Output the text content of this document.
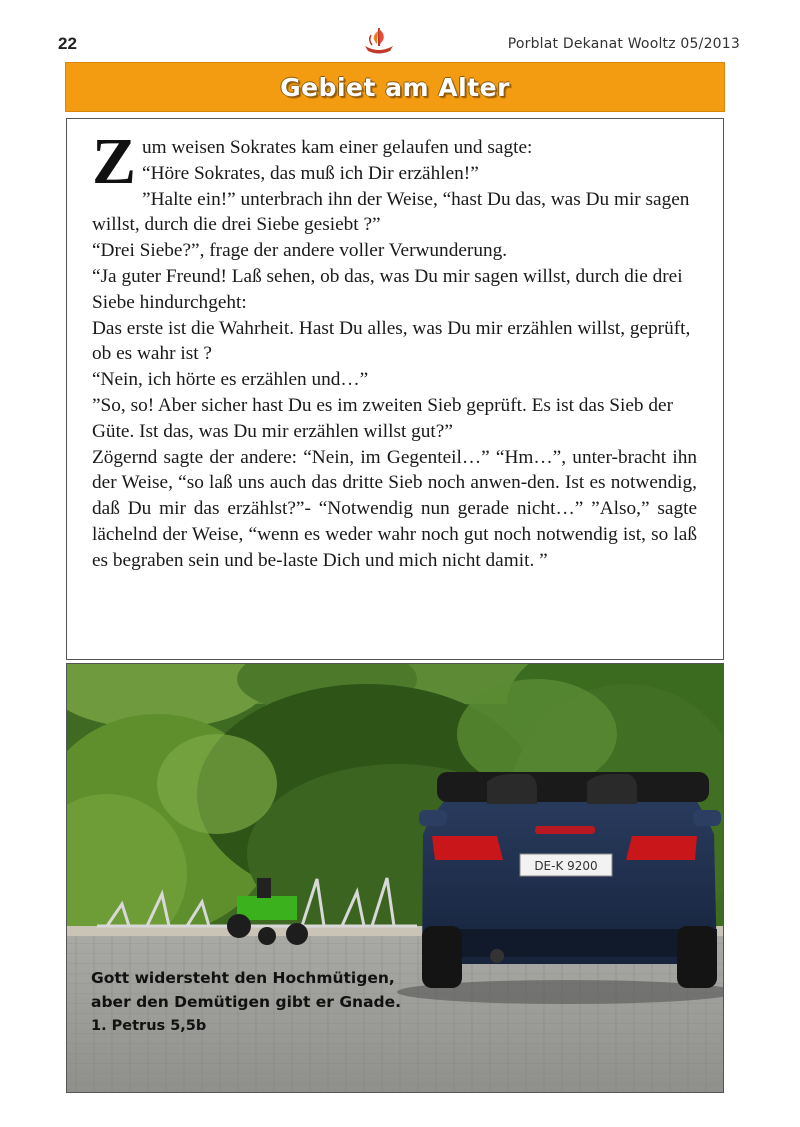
22	Porblat Dekanat Wooltz 05/2013
Gebiet am Alter
Z um weisen Sokrates kam einer gelaufen und sagte:

“Höre Sokrates, das muß ich Dir erzählen!”

”Halte ein!” unterbrach ihn der Weise, “hast Du das, was Du mir sagen willst, durch die drei Siebe gesiebt ?”

“Drei Siebe?”, frage der andere voller Verwunderung.

“Ja guter Freund! Laß sehen, ob das, was Du mir sagen willst, durch die drei Siebe hindurchgeht:

Das erste ist die Wahrheit. Hast Du alles, was Du mir erzählen willst, geprüft, ob es wahr ist ?

“Nein, ich hörte es erzählen und…”

”So, so! Aber sicher hast Du es im zweiten Sieb geprüft. Es ist das Sieb der Güte. Ist das, was Du mir erzählen willst gut?”

Zögernd sagte der andere: “Nein, im Gegenteil…” “Hm…”, unter-bracht ihn der Weise, “so laß uns auch das dritte Sieb noch anwen-den. Ist es notwendig, daß Du mir das erzählst?”- “Notwendig nun gerade nicht…” ”Also,” sagte lächelnd der Weise, “wenn es weder wahr noch gut noch notwendig ist, so laß es begraben sein und be-laste Dich und mich nicht damit. ”

DE-K 9200
Gott widersteht den Hochmütigen,
aber den Demütigen gibt er Gnade.
1. Petrus 5,5b
